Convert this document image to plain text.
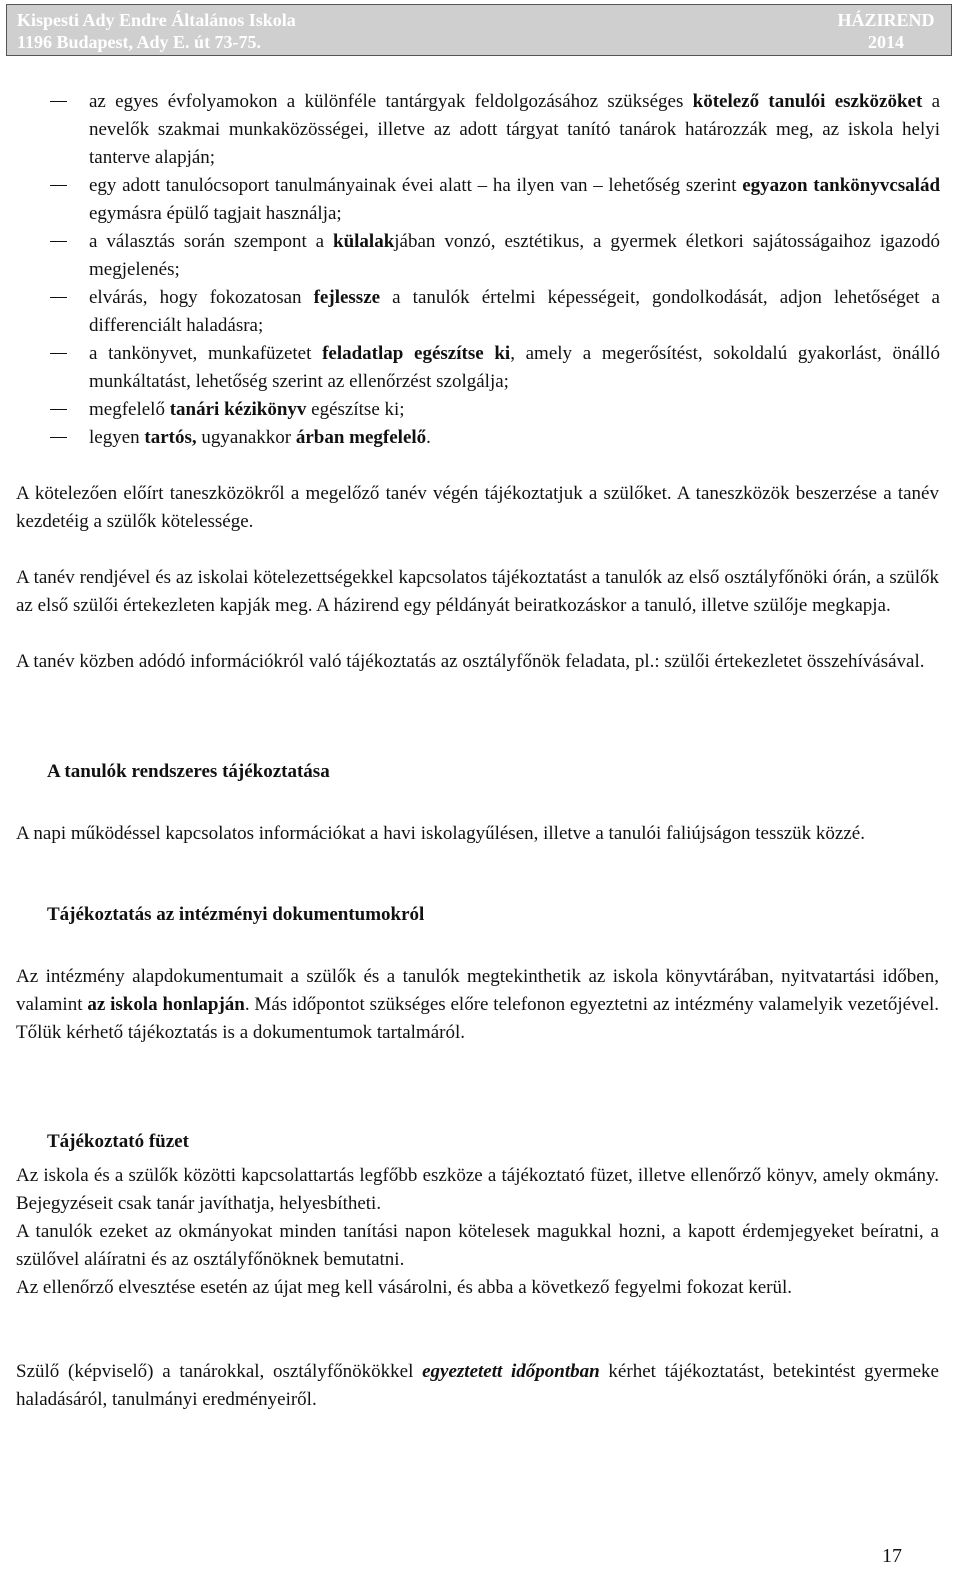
Kispesti Ady Endre Általános Iskola	HÁZIREND
1196 Budapest, Ady E. út 73-75.	2014
az egyes évfolyamokon a különféle tantárgyak feldolgozásához szükséges kötelező tanulói eszközöket a nevelők szakmai munkaközösségei, illetve az adott tárgyat tanító tanárok határozzák meg, az iskola helyi tanterve alapján;
egy adott tanulócsoport tanulmányainak évei alatt – ha ilyen van – lehetőség szerint egyazon tankönyvcsalád egymásra épülő tagjait használja;
a választás során szempont a külalakjában vonzó, esztétikus, a gyermek életkori sajátosságaihoz igazodó megjelenés;
elvárás, hogy fokozatosan fejlessze a tanulók értelmi képességeit, gondolkodását, adjon lehetőséget a differenciált haladásra;
a tankönyvet, munkafüzetet feladatlap egészítse ki, amely a megerősítést, sokoldalú gyakorlást, önálló munkáltatást, lehetőség szerint az ellenőrzést szolgálja;
megfelelő tanári kézikönyv egészítse ki;
legyen tartós, ugyanakkor árban megfelelő.

A kötelezően előírt taneszközökről a megelőző tanév végén tájékoztatjuk a szülőket. A taneszközök beszerzése a tanév kezdetéig a szülők kötelessége.

A tanév rendjével és az iskolai kötelezettségekkel kapcsolatos tájékoztatást a tanulók az első osztályfőnöki órán, a szülők az első szülői értekezleten kapják meg. A házirend egy példányát beiratkozáskor a tanuló, illetve szülője megkapja.

A tanév közben adódó információkról való tájékoztatás az osztályfőnök feladata, pl.: szülői értekezletet összehívásával.

A tanulók rendszeres tájékoztatása

A napi működéssel kapcsolatos információkat a havi iskolagyűlésen, illetve a tanulói faliújságon tesszük közzé.

Tájékoztatás az intézményi dokumentumokról

Az intézmény alapdokumentumait a szülők és a tanulók megtekinthetik az iskola könyvtárában, nyitvatartási időben, valamint az iskola honlapján. Más időpontot szükséges előre telefonon egyeztetni az intézmény valamelyik vezetőjével. Tőlük kérhető tájékoztatás is a dokumentumok tartalmáról.

Tájékoztató füzet

Az iskola és a szülők közötti kapcsolattartás legfőbb eszköze a tájékoztató füzet, illetve ellenőrző könyv, amely okmány. Bejegyzéseit csak tanár javíthatja, helyesbítheti.

A tanulók ezeket az okmányokat minden tanítási napon kötelesek magukkal hozni, a kapott érdemjegyeket beíratni, a szülővel aláíratni és az osztályfőnöknek bemutatni.

Az ellenőrző elvesztése esetén az újat meg kell vásárolni, és abba a következő fegyelmi fokozat kerül.

Szülő (képviselő) a tanárokkal, osztályfőnökökkel egyeztetett időpontban kérhet tájékoztatást, betekintést gyermeke haladásáról, tanulmányi eredményeiről.

17
